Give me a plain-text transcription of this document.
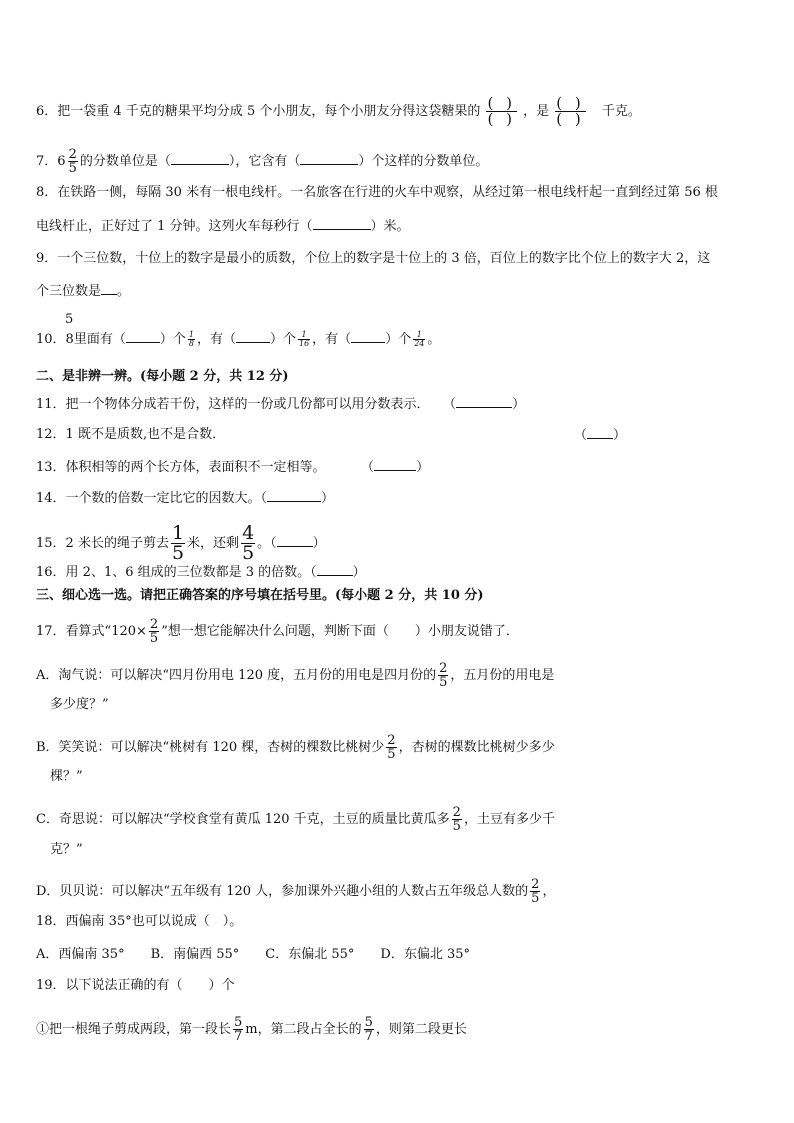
6．把一袋重 4 千克的糖果平均分成 5 个小朋友，每个小朋友分得这袋糖果的 $\frac{( )}{( )}$ ，是 $\frac{( )}{( )}$ 千克。
7．$6 \frac{2}{5}$ 的分数单位是（	），它含有（	）个这样的分数单位。
8．在铁路一侧，每隔 30 米有一根电线杆。一名旅客在行进的火车中观察，从经过第一根电线杆起一直到经过第 56 根
电线杆止，正好过了 1 分钟。这列火车每秒行（	）米。
9．一个三位数，十位上的数字是最小的质数，个位上的数字是十位上的 3 倍，百位上的数字比个位上的数字大 2，这
个三位数是 。
5
10．8里面有（	）个 $\frac{1}{8}$ ，有（	）个 $\frac{1}{16}$ ，有（	）个 $\frac{1}{24}$ 。
二、是非辨一辨。(每小题 2 分，共 12 分)
11．把一个物体分成若干份，这样的一份或几份都可以用分数表示． （	）
12．1 既不是质数,也不是合数．	（ ）
13．体积相等的两个长方体，表面积不一定相等。	（	）
14．一个数的倍数一定比它的因数大。（	）
15．2 米长的绳子剪去 $\frac{1}{5}$ 米，还剩 $\frac{4}{5}$ 。（	）
16．用 2、1、6 组成的三位数都是 3 的倍数。（	）
三、细心选一选。请把正确答案的序号填在括号里。(每小题 2 分，共 10 分)
17．看算式“$120\times \frac{2}{5}$ ”想一想它能解决什么问题，判断下面（　　）小朋友说错了．
A．淘气说：可以解决“四月份用电 120 度，五月份的用电是四月份的 $\frac{2}{5}$ ，五月份的用电是
多少度？”
B．笑笑说：可以解决“桃树有 120 棵，杏树的棵数比桃树少 $\frac{2}{5}$ ，杏树的棵数比桃树少多少
棵？”
C．奇思说：可以解决“学校食堂有黄瓜 120 千克，土豆的质量比黄瓜多 $\frac{2}{5}$ ，土豆有多少千
克？”
D．贝贝说：可以解决“五年级有 120 人，参加课外兴趣小组的人数占五年级总人数的 $\frac{2}{5}$ ，
18．西偏南 35°也可以说成（　）。
A．西偏南 35°　　B．南偏西 55°　　C．东偏北 55°　　D．东偏北 35°
19．以下说法正确的有（　　）个
①把一根绳子剪成两段，第一段长 $\frac{5}{7}$ m，第二段占全长的 $\frac{5}{7}$ ，则第二段更长
